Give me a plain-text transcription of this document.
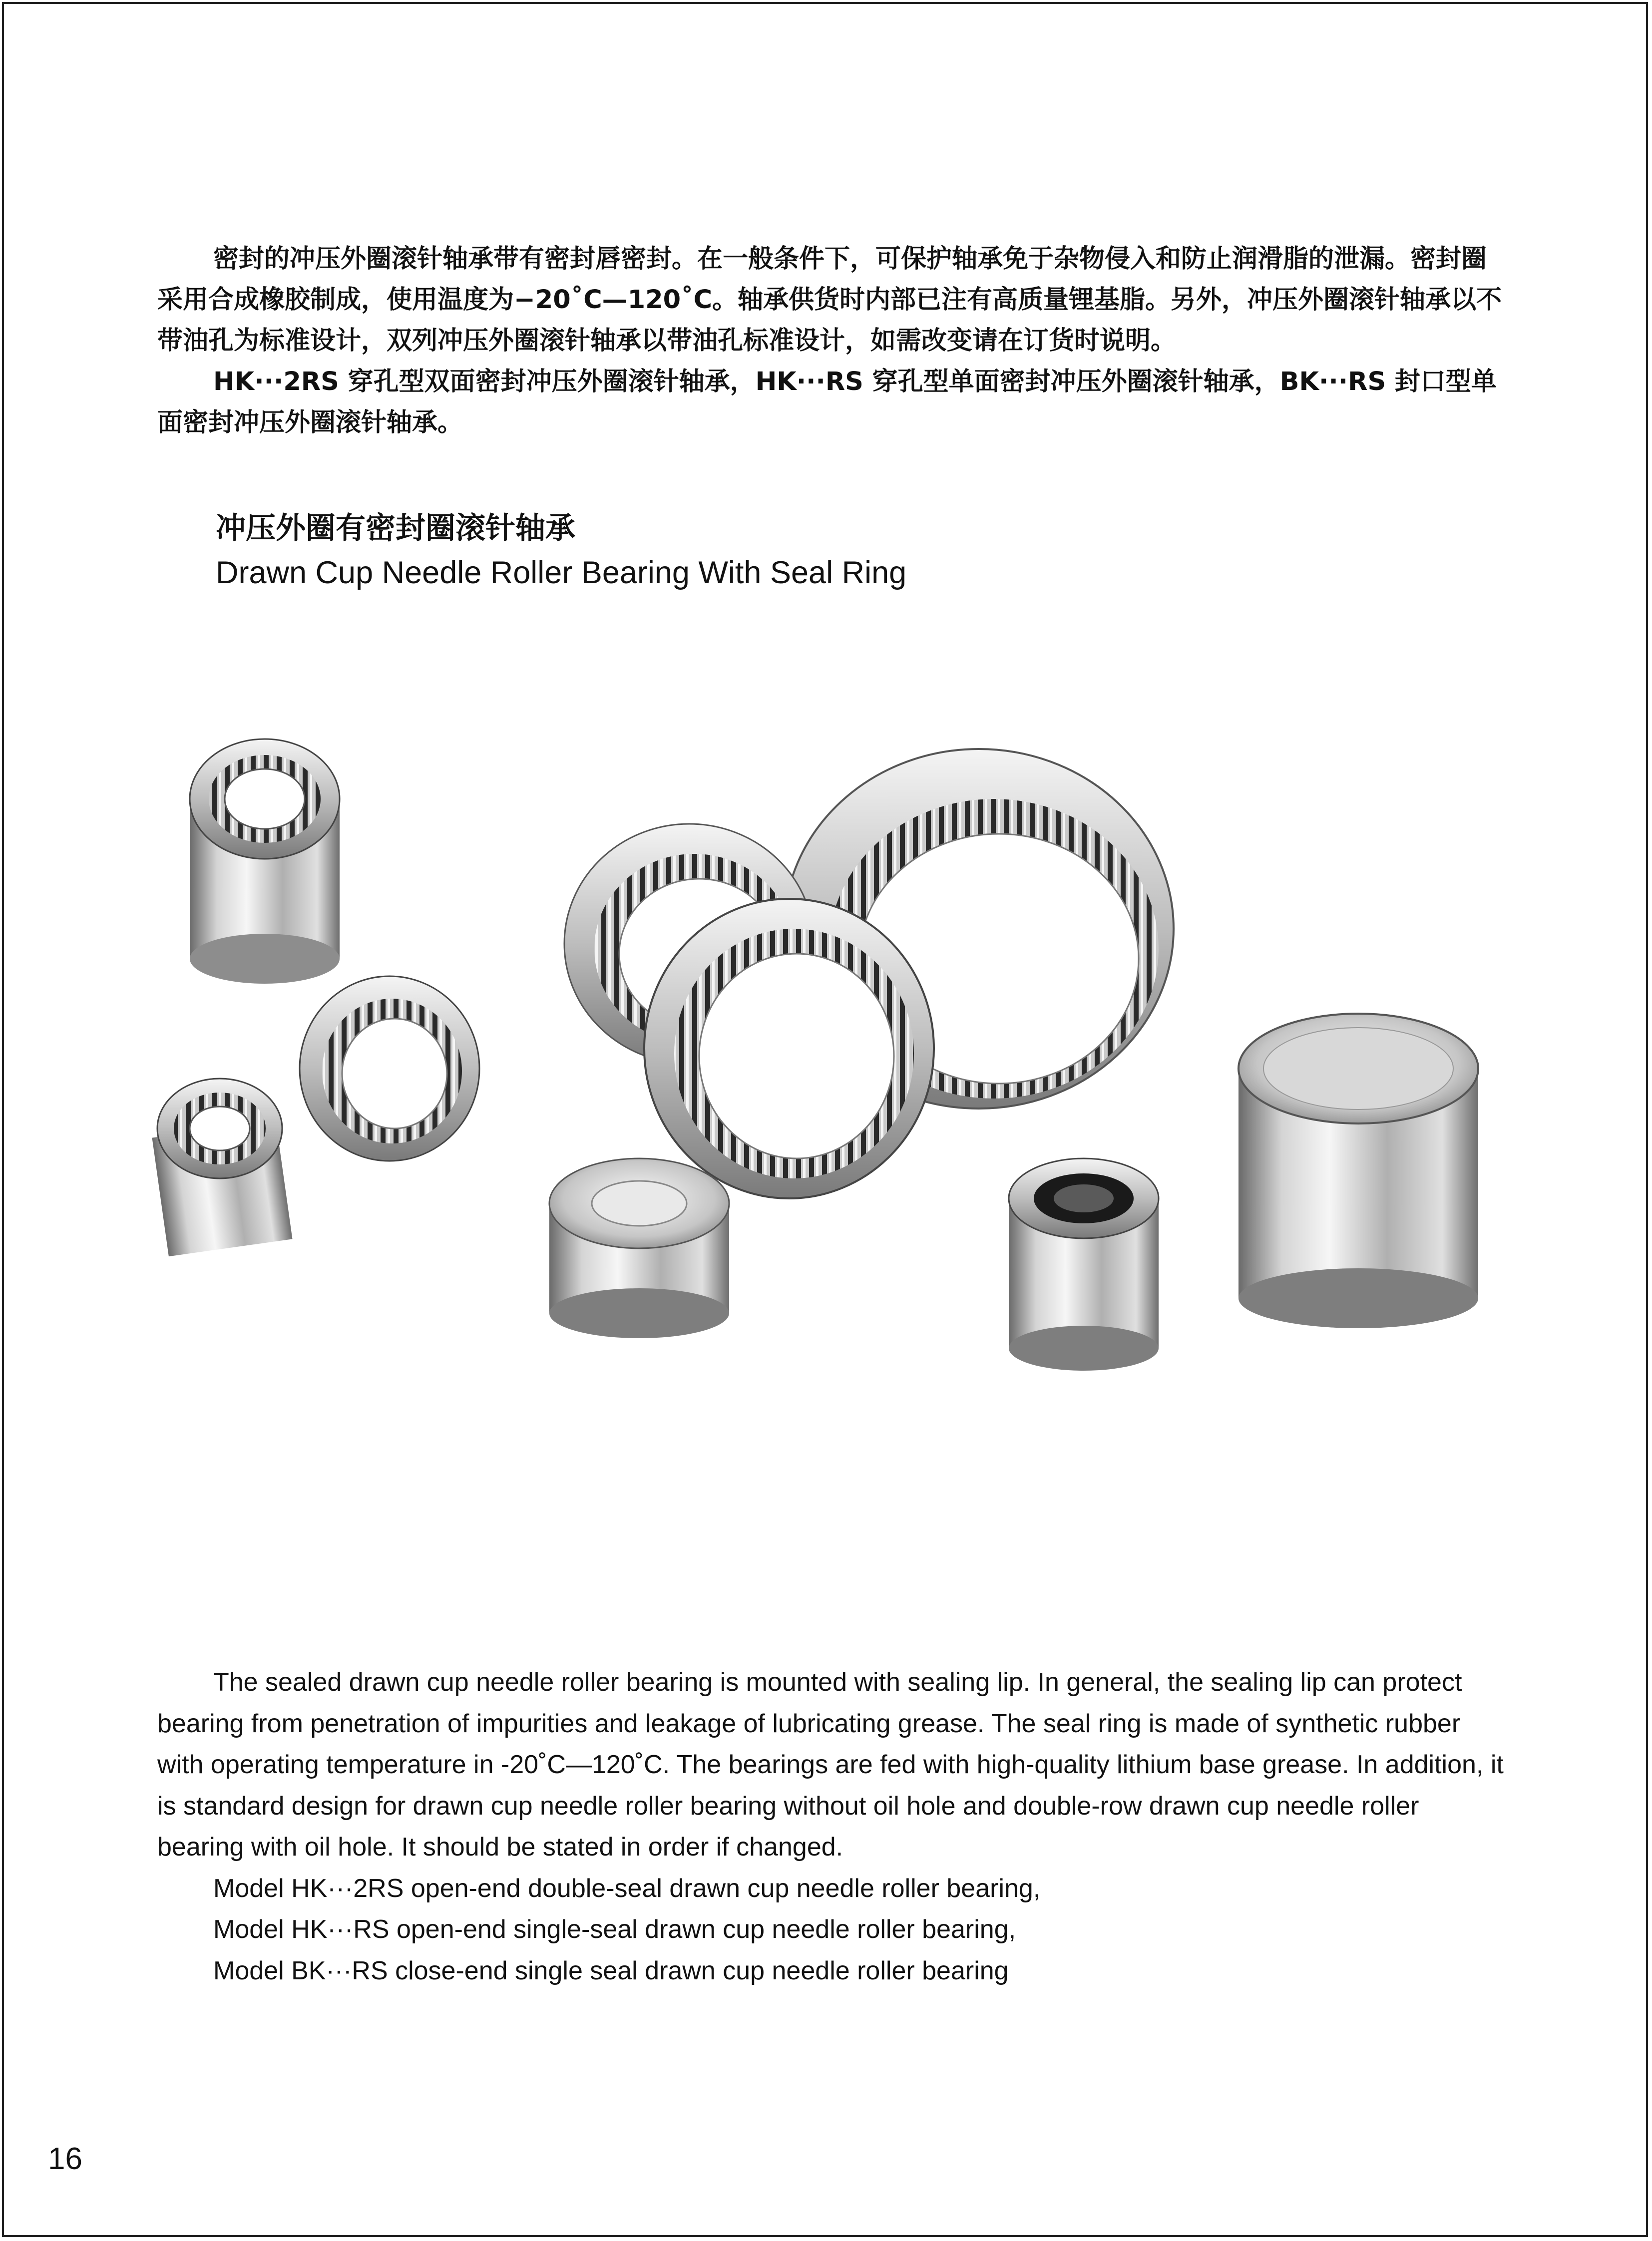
密封的冲压外圈滚针轴承带有密封唇密封。在一般条件下，可保护轴承免于杂物侵入和防止润滑脂的泄漏。密封圈采用合成橡胶制成，使用温度为−20˚C—120˚C。轴承供货时内部已注有高质量锂基脂。另外，冲压外圈滚针轴承以不带油孔为标准设计，双列冲压外圈滚针轴承以带油孔标准设计，如需改变请在订货时说明。

HK···2RS 穿孔型双面密封冲压外圈滚针轴承，HK···RS 穿孔型单面密封冲压外圈滚针轴承，BK···RS 封口型单面密封冲压外圈滚针轴承。

冲压外圈有密封圈滚针轴承
Drawn Cup Needle Roller Bearing With Seal Ring

The sealed drawn cup needle roller bearing is mounted with sealing lip. In general, the sealing lip can protect bearing from penetration of impurities and leakage of lubricating grease. The seal ring is made of synthetic rubber with operating temperature in -20˚C—120˚C. The bearings are fed with high-quality lithium base grease. In addition, it is standard design for drawn cup needle roller bearing without oil hole and double-row drawn cup needle roller bearing with oil hole. It should be stated in order if changed.

Model HK···2RS open-end double-seal drawn cup needle roller bearing,

Model HK···RS open-end single-seal drawn cup needle roller bearing,

Model BK···RS close-end single seal drawn cup needle roller bearing

16
